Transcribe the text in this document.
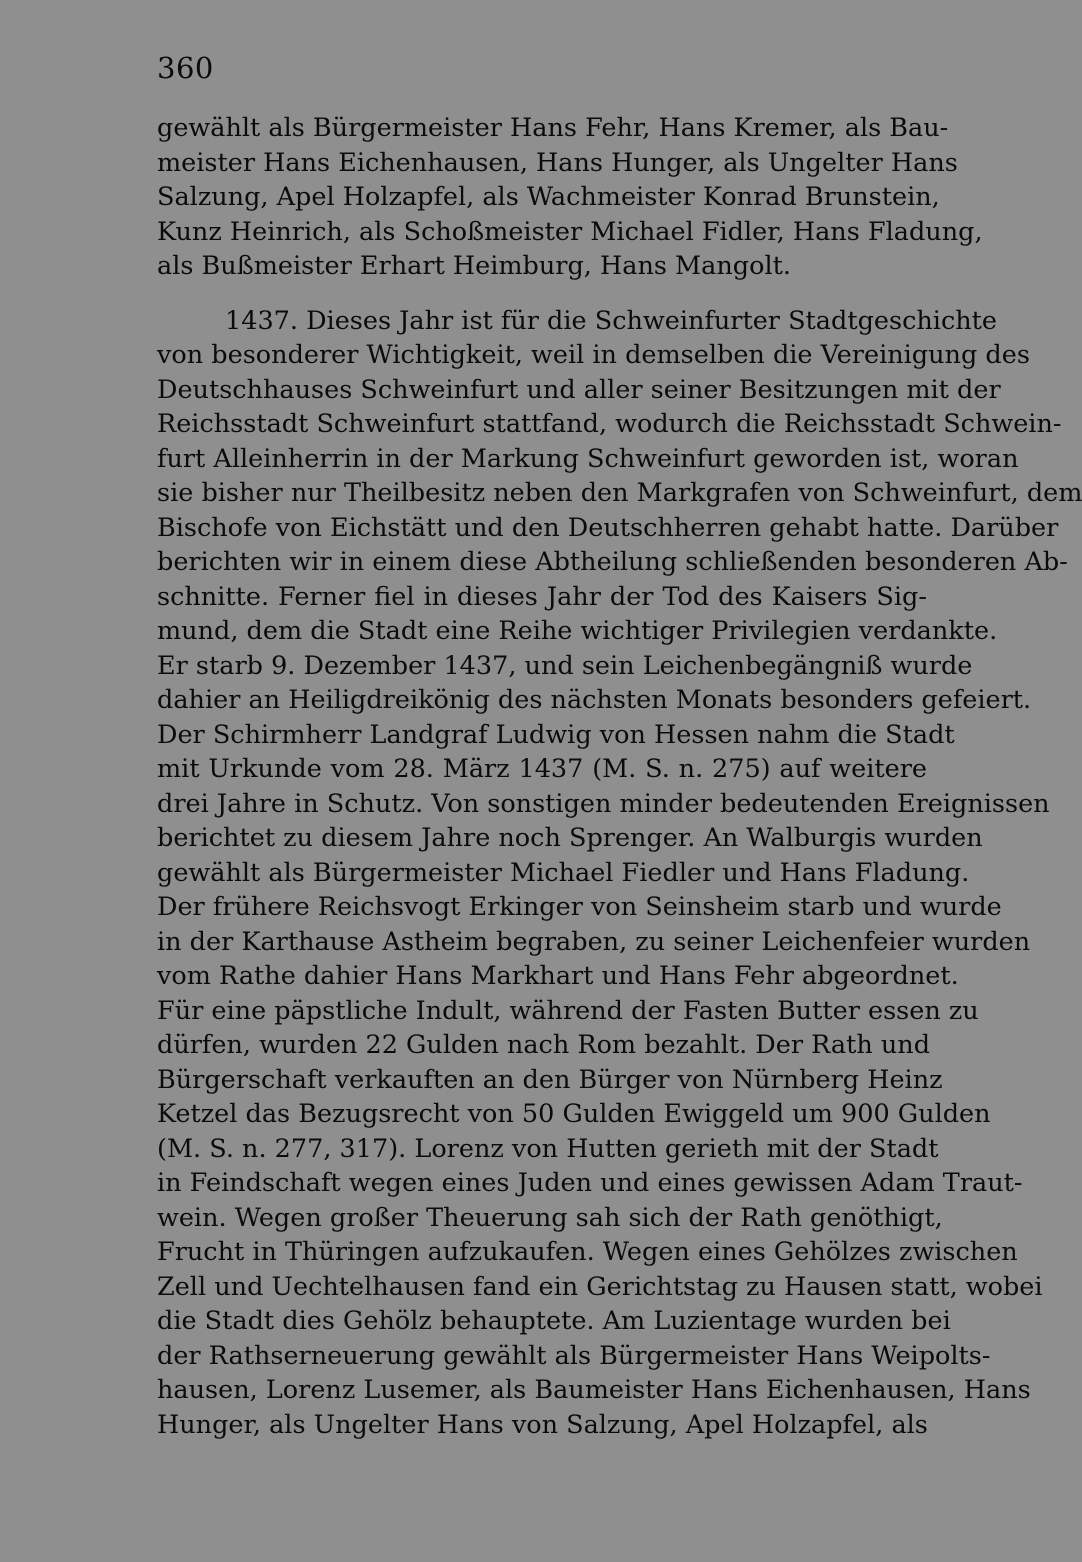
360
gewählt als Bürgermeister Hans Fehr, Hans Kremer, als Bau-
meister Hans Eichenhausen, Hans Hunger, als Ungelter Hans
Salzung, Apel Holzapfel, als Wachmeister Konrad Brunstein,
Kunz Heinrich, als Schoßmeister Michael Fidler, Hans Fladung,
als Bußmeister Erhart Heimburg, Hans Mangolt.
1437. Dieses Jahr ist für die Schweinfurter Stadtgeschichte
von besonderer Wichtigkeit, weil in demselben die Vereinigung des
Deutschhauses Schweinfurt und aller seiner Besitzungen mit der
Reichsstadt Schweinfurt stattfand, wodurch die Reichsstadt Schwein-
furt Alleinherrin in der Markung Schweinfurt geworden ist, woran
sie bisher nur Theilbesitz neben den Markgrafen von Schweinfurt, dem
Bischofe von Eichstätt und den Deutschherren gehabt hatte. Darüber
berichten wir in einem diese Abtheilung schließenden besonderen Ab-
schnitte. Ferner fiel in dieses Jahr der Tod des Kaisers Sig-
mund, dem die Stadt eine Reihe wichtiger Privilegien verdankte.
Er starb 9. Dezember 1437, und sein Leichenbegängniß wurde
dahier an Heiligdreikönig des nächsten Monats besonders gefeiert.
Der Schirmherr Landgraf Ludwig von Hessen nahm die Stadt
mit Urkunde vom 28. März 1437 (M. S. n. 275) auf weitere
drei Jahre in Schutz. Von sonstigen minder bedeutenden Ereignissen
berichtet zu diesem Jahre noch Sprenger. An Walburgis wurden
gewählt als Bürgermeister Michael Fiedler und Hans Fladung.
Der frühere Reichsvogt Erkinger von Seinsheim starb und wurde
in der Karthause Astheim begraben, zu seiner Leichenfeier wurden
vom Rathe dahier Hans Markhart und Hans Fehr abgeordnet.
Für eine päpstliche Indult, während der Fasten Butter essen zu
dürfen, wurden 22 Gulden nach Rom bezahlt. Der Rath und
Bürgerschaft verkauften an den Bürger von Nürnberg Heinz
Ketzel das Bezugsrecht von 50 Gulden Ewiggeld um 900 Gulden
(M. S. n. 277, 317). Lorenz von Hutten gerieth mit der Stadt
in Feindschaft wegen eines Juden und eines gewissen Adam Traut-
wein. Wegen großer Theuerung sah sich der Rath genöthigt,
Frucht in Thüringen aufzukaufen. Wegen eines Gehölzes zwischen
Zell und Uechtelhausen fand ein Gerichtstag zu Hausen statt, wobei
die Stadt dies Gehölz behauptete. Am Luzientage wurden bei
der Rathserneuerung gewählt als Bürgermeister Hans Weipolts-
hausen, Lorenz Lusemer, als Baumeister Hans Eichenhausen, Hans
Hunger, als Ungelter Hans von Salzung, Apel Holzapfel, als
